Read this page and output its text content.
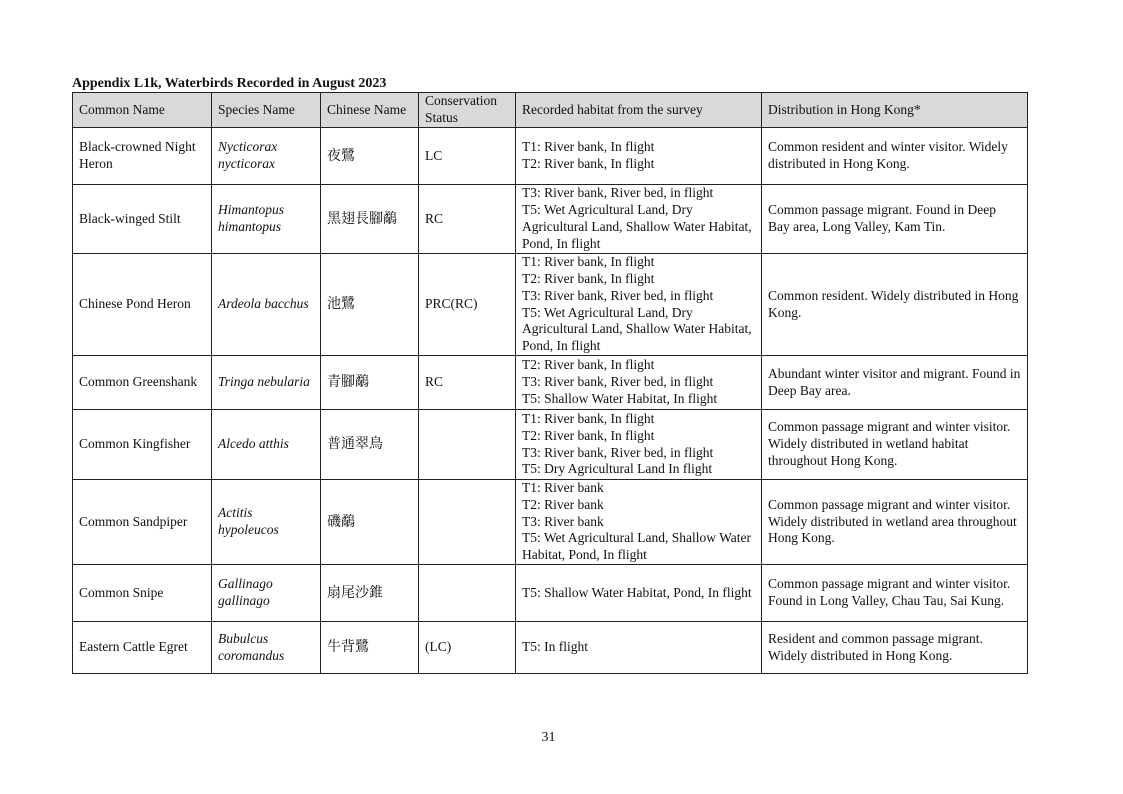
Appendix L1k, Waterbirds Recorded in August 2023
Common Name	Species Name	Chinese Name	Conservation Status	Recorded habitat from the survey	Distribution in Hong Kong*
Black-crowned Night Heron	Nycticorax nycticorax	夜鷺	LC	T1: River bank, In flight
T2: River bank, In flight	Common resident and winter visitor. Widely distributed in Hong Kong.
Black-winged Stilt	Himantopus himantopus	黑翅長腳鷸	RC	T3: River bank, River bed, in flight
T5: Wet Agricultural Land, Dry Agricultural Land, Shallow Water Habitat, Pond, In flight	Common passage migrant. Found in Deep Bay area, Long Valley, Kam Tin.
Chinese Pond Heron	Ardeola bacchus	池鷺	PRC(RC)	T1: River bank, In flight
T2: River bank, In flight
T3: River bank, River bed, in flight
T5: Wet Agricultural Land, Dry Agricultural Land, Shallow Water Habitat, Pond, In flight	Common resident. Widely distributed in Hong Kong.
Common Greenshank	Tringa nebularia	青腳鷸	RC	T2: River bank, In flight
T3: River bank, River bed, in flight
T5: Shallow Water Habitat, In flight	Abundant winter visitor and migrant. Found in Deep Bay area.
Common Kingfisher	Alcedo atthis	普通翠鳥		T1: River bank, In flight
T2: River bank, In flight
T3: River bank, River bed, in flight
T5: Dry Agricultural Land In flight	Common passage migrant and winter visitor. Widely distributed in wetland habitat throughout Hong Kong.
Common Sandpiper	Actitis hypoleucos	磯鷸		T1: River bank
T2: River bank
T3: River bank
T5: Wet Agricultural Land, Shallow Water Habitat, Pond, In flight	Common passage migrant and winter visitor. Widely distributed in wetland area throughout Hong Kong.
Common Snipe	Gallinago gallinago	扇尾沙錐		T5: Shallow Water Habitat, Pond, In flight	Common passage migrant and winter visitor. Found in Long Valley, Chau Tau, Sai Kung.
Eastern Cattle Egret	Bubulcus coromandus	牛背鷺	(LC)	T5: In flight	Resident and common passage migrant. Widely distributed in Hong Kong.
31
